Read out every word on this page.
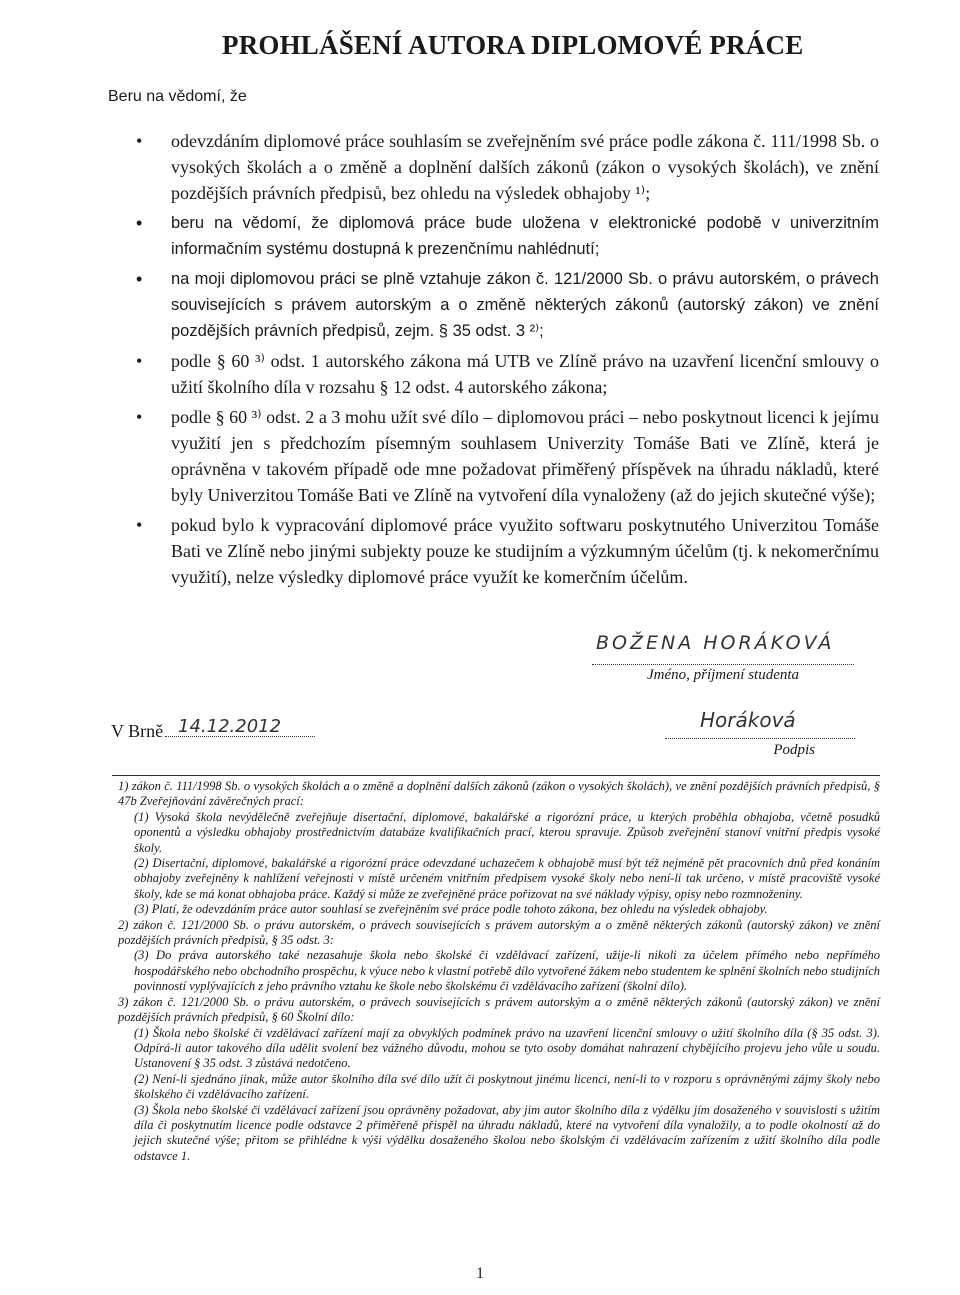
PROHLÁŠENÍ AUTORA DIPLOMOVÉ PRÁCE
Beru na vědomí, že
• odevzdáním diplomové práce souhlasím se zveřejněním své práce podle zákona č. 111/1998 Sb. o vysokých školách a o změně a doplnění dalších zákonů (zákon o vysokých školách), ve znění pozdějších právních předpisů, bez ohledu na výsledek obhajoby ¹⁾;
• beru na vědomí, že diplomová práce bude uložena v elektronické podobě v univerzitním informačním systému dostupná k prezenčnímu nahlédnutí;
• na moji diplomovou práci se plně vztahuje zákon č. 121/2000 Sb. o právu autorském, o právech souvisejících s právem autorským a o změně některých zákonů (autorský zákon) ve znění pozdějších právních předpisů, zejm. § 35 odst. 3 ²⁾;
• podle § 60 ³⁾ odst. 1 autorského zákona má UTB ve Zlíně právo na uzavření licenční smlouvy o užití školního díla v rozsahu § 12 odst. 4 autorského zákona;
• podle § 60 ³⁾ odst. 2 a 3 mohu užít své dílo – diplomovou práci – nebo poskytnout licenci k jejímu využití jen s předchozím písemným souhlasem Univerzity Tomáše Bati ve Zlíně, která je oprávněna v takovém případě ode mne požadovat přiměřený příspěvek na úhradu nákladů, které byly Univerzitou Tomáše Bati ve Zlíně na vytvoření díla vynaloženy (až do jejich skutečné výše);
• pokud bylo k vypracování diplomové práce využito softwaru poskytnutého Univerzitou Tomáše Bati ve Zlíně nebo jinými subjekty pouze ke studijním a výzkumným účelům (tj. k nekomerčnímu využití), nelze výsledky diplomové práce využít ke komerčním účelům.
BOŽENA HORÁKOVÁ
Jméno, příjmení studenta
V Brně 14.12.2012	Horáková
Podpis

1) zákon č. 111/1998 Sb. o vysokých školách a o změně a doplnění dalších zákonů (zákon o vysokých školách), ve znění pozdějších právních předpisů, § 47b Zveřejňování závěrečných prací:

(1) Vysoká škola nevýdělečně zveřejňuje disertační, diplomové, bakalářské a rigorózní práce, u kterých proběhla obhajoba, včetně posudků oponentů a výsledku obhajoby prostřednictvím databáze kvalifikačních prací, kterou spravuje. Způsob zveřejnění stanoví vnitřní předpis vysoké školy.

(2) Disertační, diplomové, bakalářské a rigorózní práce odevzdané uchazečem k obhajobě musí být též nejméně pět pracovních dnů před konáním obhajoby zveřejněny k nahlížení veřejnosti v místě určeném vnitřním předpisem vysoké školy nebo není-li tak určeno, v místě pracoviště vysoké školy, kde se má konat obhajoba práce. Každý si může ze zveřejněné práce pořizovat na své náklady výpisy, opisy nebo rozmnoženiny.

(3) Platí, že odevzdáním práce autor souhlasí se zveřejněním své práce podle tohoto zákona, bez ohledu na výsledek obhajoby.

2) zákon č. 121/2000 Sb. o právu autorském, o právech souvisejících s právem autorským a o změně některých zákonů (autorský zákon) ve znění pozdějších právních předpisů, § 35 odst. 3:

(3) Do práva autorského také nezasahuje škola nebo školské či vzdělávací zařízení, užije-li nikoli za účelem přímého nebo nepřímého hospodářského nebo obchodního prospěchu, k výuce nebo k vlastní potřebě dílo vytvořené žákem nebo studentem ke splnění školních nebo studijních povinností vyplývajících z jeho právního vztahu ke škole nebo školskému či vzdělávacího zařízení (školní dílo).

3) zákon č. 121/2000 Sb. o právu autorském, o právech souvisejících s právem autorským a o změně některých zákonů (autorský zákon) ve znění pozdějších právních předpisů, § 60 Školní dílo:

(1) Škola nebo školské či vzdělávací zařízení mají za obvyklých podmínek právo na uzavření licenční smlouvy o užití školního díla (§ 35 odst. 3). Odpírá-li autor takového díla udělit svolení bez vážného důvodu, mohou se tyto osoby domáhat nahrazení chybějícího projevu jeho vůle u soudu. Ustanovení § 35 odst. 3 zůstává nedotčeno.

(2) Není-li sjednáno jinak, může autor školního díla své dílo užít či poskytnout jinému licenci, není-li to v rozporu s oprávněnými zájmy školy nebo školského či vzdělávacího zařízení.

(3) Škola nebo školské či vzdělávací zařízení jsou oprávněny požadovat, aby jim autor školního díla z výdělku jím dosaženého v souvislosti s užitím díla či poskytnutím licence podle odstavce 2 přiměřeně přispěl na úhradu nákladů, které na vytvoření díla vynaložily, a to podle okolností až do jejich skutečné výše; přitom se přihlédne k výši výdělku dosaženého školou nebo školským či vzdělávacím zařízením z užití školního díla podle odstavce 1.

1
